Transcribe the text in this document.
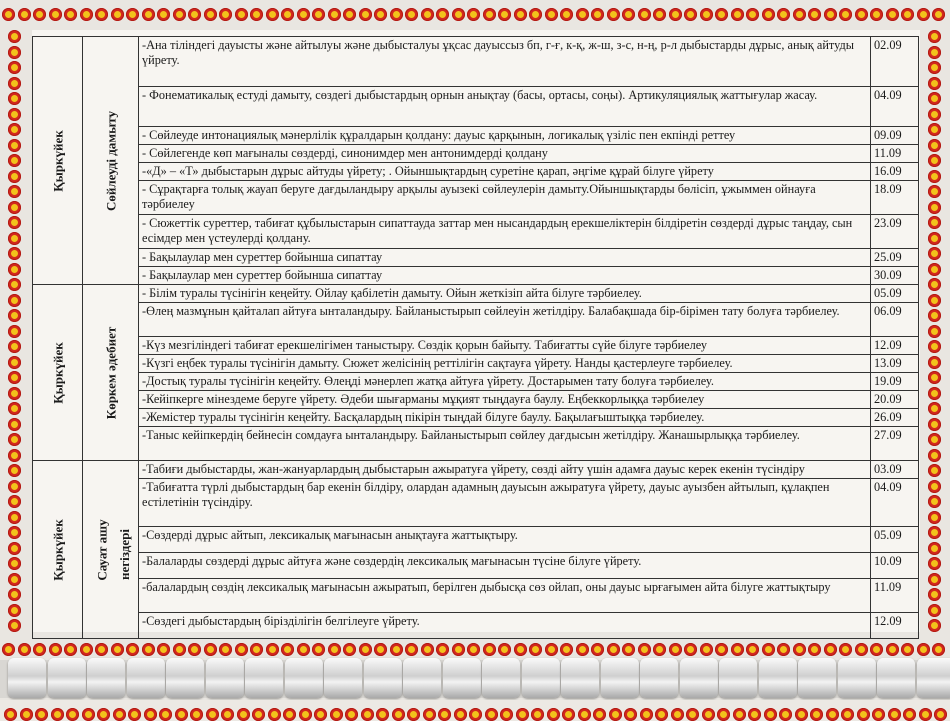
Қыркүйек	Сөйлеуді дамыту	-Ана тіліндегі дауысты және айтылуы және дыбысталуы ұқсас дауыссыз бп, г-ғ, к-қ, ж-ш, з-с, н-ң, р-л дыбыстарды дұрыс, анық айтуды үйрету.	02.09
		- Фонематикалық естуді дамыту, сөздегі дыбыстардың орнын анықтау (басы, ортасы, соңы). Артикуляциялық жаттығулар жасау.	04.09
		- Сөйлеуде интонациялық мәнерлілік құралдарын қолдану: дауыс қарқынын, логикалық үзіліс пен екпінді реттеу	09.09
		- Сөйлегенде көп мағыналы сөздерді, синонимдер мен антонимдерді қолдану	11.09
		-«Д» – «Т» дыбыстарын дұрыс айтуды үйрету; . Ойыншықтардың суретіне қарап, әңгіме құрай білуге үйрету	16.09
		- Сұрақтарға толық жауап беруге дағдыландыру арқылы ауызекі сөйлеулерін дамыту.Ойыншықтарды бөлісіп, ұжыммен ойнауға тәрбиелеу	18.09
		- Сюжеттік суреттер, табиғат құбылыстарын сипаттауда заттар мен нысандардың ерекшеліктерін білдіретін сөздерді дұрыс таңдау, сын есімдер мен үстеулерді қолдану.	23.09
		- Бақылаулар мен суреттер бойынша сипаттау	25.09
		- Бақылаулар мен суреттер бойынша сипаттау	30.09

Қыркүйек	Көркем әдебиет	- Білім туралы түсінігін кеңейту. Ойлау қабілетін дамыту. Ойын жеткізіп айта білуге тәрбиелеу.	05.09
		-Өлең мазмұнын қайталап айтуға ынталандыру. Байланыстырып сөйлеуін жетілдіру. Балабақшада бір-бірімен тату болуға тәрбиелеу.	06.09
		-Күз мезгіліндегі табиғат ерекшелігімен таныстыру. Сөздік қорын байыту. Табиғатты сүйе білуге тәрбиелеу	12.09
		-Күзгі еңбек туралы түсінігін дамыту. Сюжет желісінің реттілігін сақтауға үйрету. Нанды қастерлеуге тәрбиелеу.	13.09
		-Достық туралы түсінігін кеңейту. Өлеңді мәнерлеп жатқа айтуға үйрету. Достарымен тату болуға тәрбиелеу.	19.09
		-Кейіпкерге мінездеме беруге үйрету. Әдеби шығарманы мұқият тыңдауға баулу. Еңбеккорлыққа тәрбиелеу	20.09
		-Жемістер туралы түсінігін кеңейту. Басқалардың пікірін тыңдай білуге баулу. Бақылағыштыққа тәрбиелеу.	26.09
		-Таныс кейіпкердің бейнесін сомдауға ынталандыру. Байланыстырып сөйлеу дағдысын жетілдіру. Жанашырлыққа тәрбиелеу.	27.09

Қыркүйек	Сауат ашу	-Табиғи дыбыстарды, жан-жануарлардың дыбыстарын ажыратуға үйрету, сөзді айту үшін адамға дауыс керек екенін түсіндіру	03.09
		-Табиғатта түрлі дыбыстардың бар екенін білдіру, олардан адамның дауысын ажыратуға үйрету, дауыс ауызбен айтылып, құлақпен естілетінін түсіндіру.	04.09
		-Сөздерді дұрыс айтып, лексикалық мағынасын анықтауға жаттықтыру.	05.09
		-Балаларды сөздерді дұрыс айтуға және сөздердің лексикалық мағынасын түсіне білуге үйрету.	10.09
		-балалардың сөздің лексикалық мағынасын ажыратып, берілген дыбысқа сөз ойлап, оны дауыс ырғағымен айта білуге жаттықтыру	11.09
		-Сөздегі дыбыстардың бірізділігін белгілеуге үйрету.	12.09
негіздері
